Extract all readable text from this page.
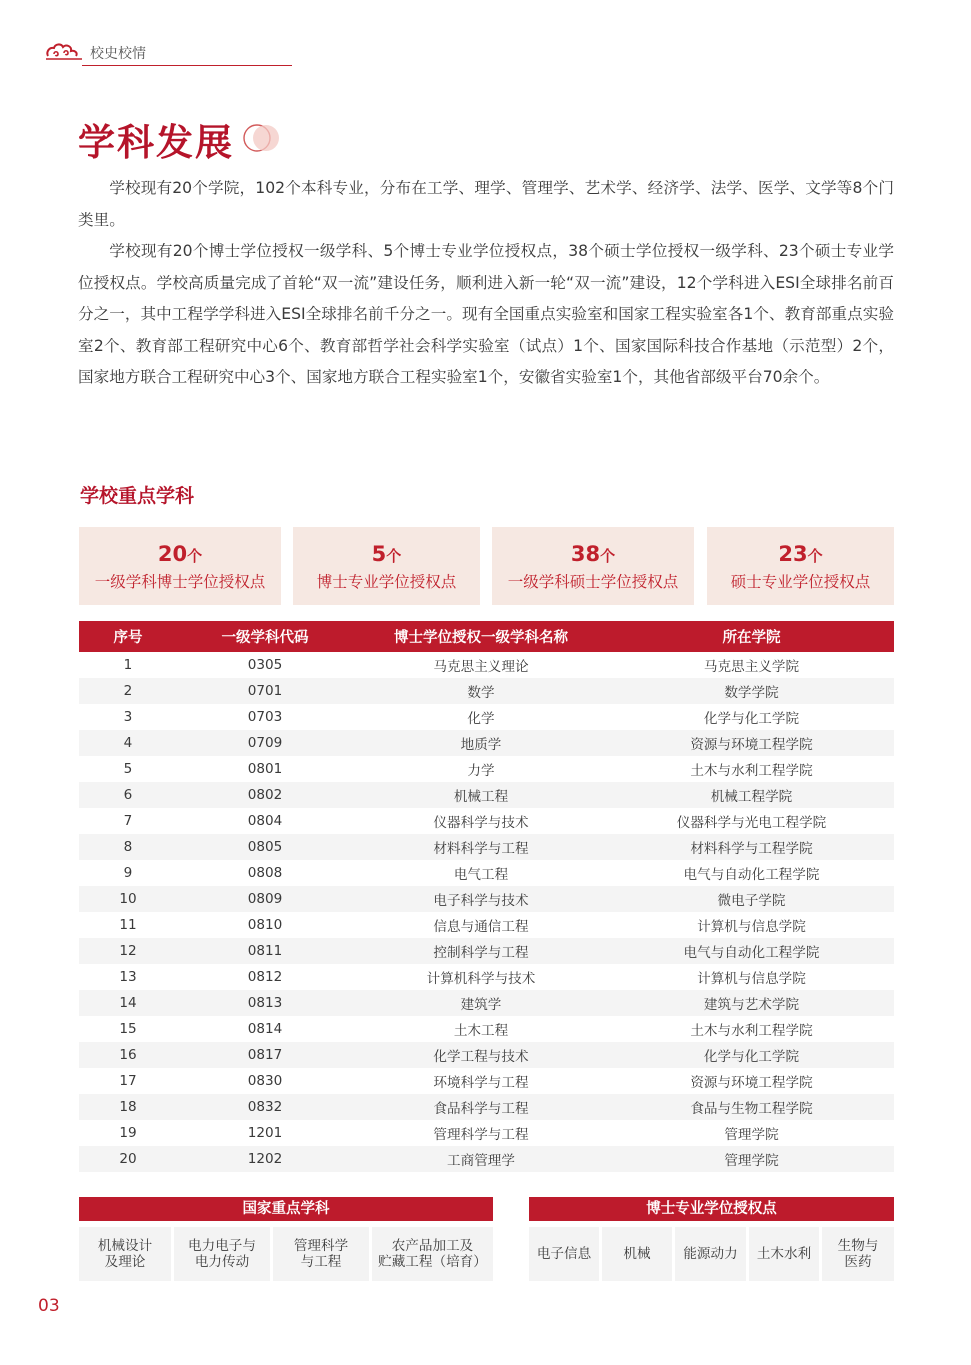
校史校情
学科发展

学校现有20个学院，102个本科专业，分布在工学、理学、管理学、艺术学、经济学、法学、医学、文学等8个门类里。

学校现有20个博士学位授权一级学科、5个博士专业学位授权点，38个硕士学位授权一级学科、23个硕士专业学位授权点。学校高质量完成了首轮“双一流”建设任务，顺利进入新一轮“双一流”建设，12个学科进入ESI全球排名前百分之一，其中工程学学科进入ESI全球排名前千分之一。现有全国重点实验室和国家工程实验室各1个、教育部重点实验室2个、教育部工程研究中心6个、教育部哲学社会科学实验室（试点）1个、国家国际科技合作基地（示范型）2个，国家地方联合工程研究中心3个、国家地方联合工程实验室1个，安徽省实验室1个，其他省部级平台70余个。

学校重点学科
20个
一级学科博士学位授权点
5个
博士专业学位授权点
38个
一级学科硕士学位授权点
23个
硕士专业学位授权点
序号	一级学科代码	博士学位授权一级学科名称	所在学院
1	0305	马克思主义理论	马克思主义学院
2	0701	数学	数学学院
3	0703	化学	化学与化工学院
4	0709	地质学	资源与环境工程学院
5	0801	力学	土木与水利工程学院
6	0802	机械工程	机械工程学院
7	0804	仪器科学与技术	仪器科学与光电工程学院
8	0805	材料科学与工程	材料科学与工程学院
9	0808	电气工程	电气与自动化工程学院
10	0809	电子科学与技术	微电子学院
11	0810	信息与通信工程	计算机与信息学院
12	0811	控制科学与工程	电气与自动化工程学院
13	0812	计算机科学与技术	计算机与信息学院
14	0813	建筑学	建筑与艺术学院
15	0814	土木工程	土木与水利工程学院
16	0817	化学工程与技术	化学与化工学院
17	0830	环境科学与工程	资源与环境工程学院
18	0832	食品科学与工程	食品与生物工程学院
19	1201	管理科学与工程	管理学院
20	1202	工商管理学	管理学院
国家重点学科
机械设计
及理论
电力电子与
电力传动
管理科学
与工程
农产品加工及
贮藏工程（培育）
博士专业学位授权点
电子信息	机械	能源动力	土木水利	生物与
医药
03
